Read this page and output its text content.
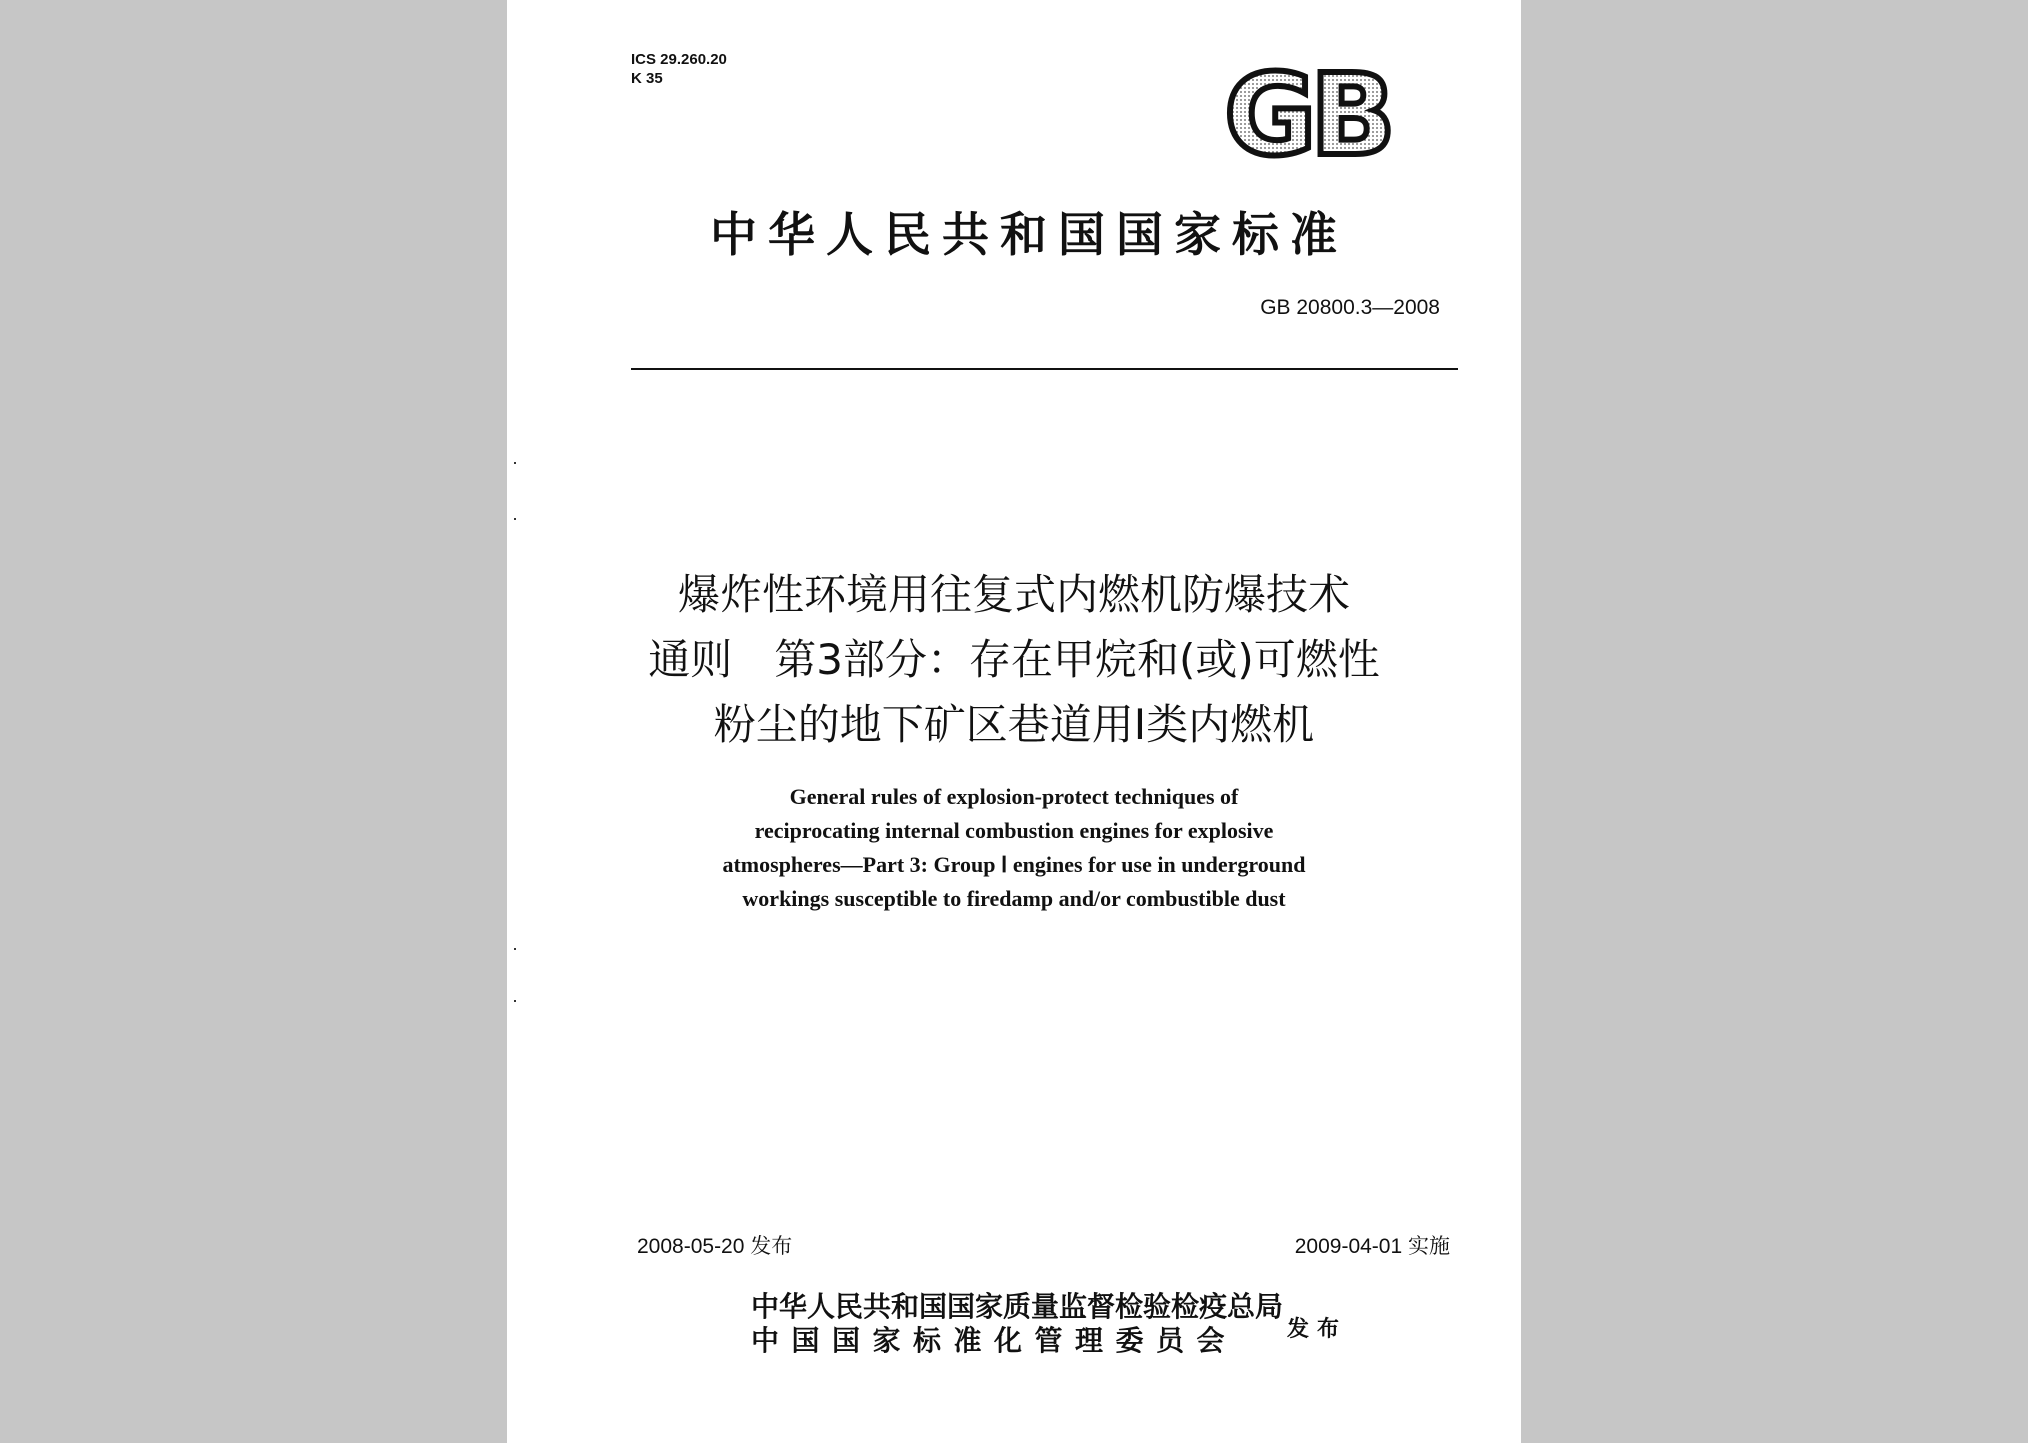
ICS 29.260.20
K 35	GB
中华人民共和国国家标准
GB 20800.3—2008
爆炸性环境用往复式内燃机防爆技术
通则　第3部分：存在甲烷和(或)可燃性
粉尘的地下矿区巷道用Ⅰ类内燃机
General rules of explosion-protect techniques of
reciprocating internal combustion engines for explosive
atmospheres—Part 3: Group Ⅰ engines for use in underground
workings susceptible to firedamp and/or combustible dust
2008-05-20 发布	2009-04-01 实施
中华人民共和国国家质量监督检验检疫总局
中国国家标准化管理委员会	发布
